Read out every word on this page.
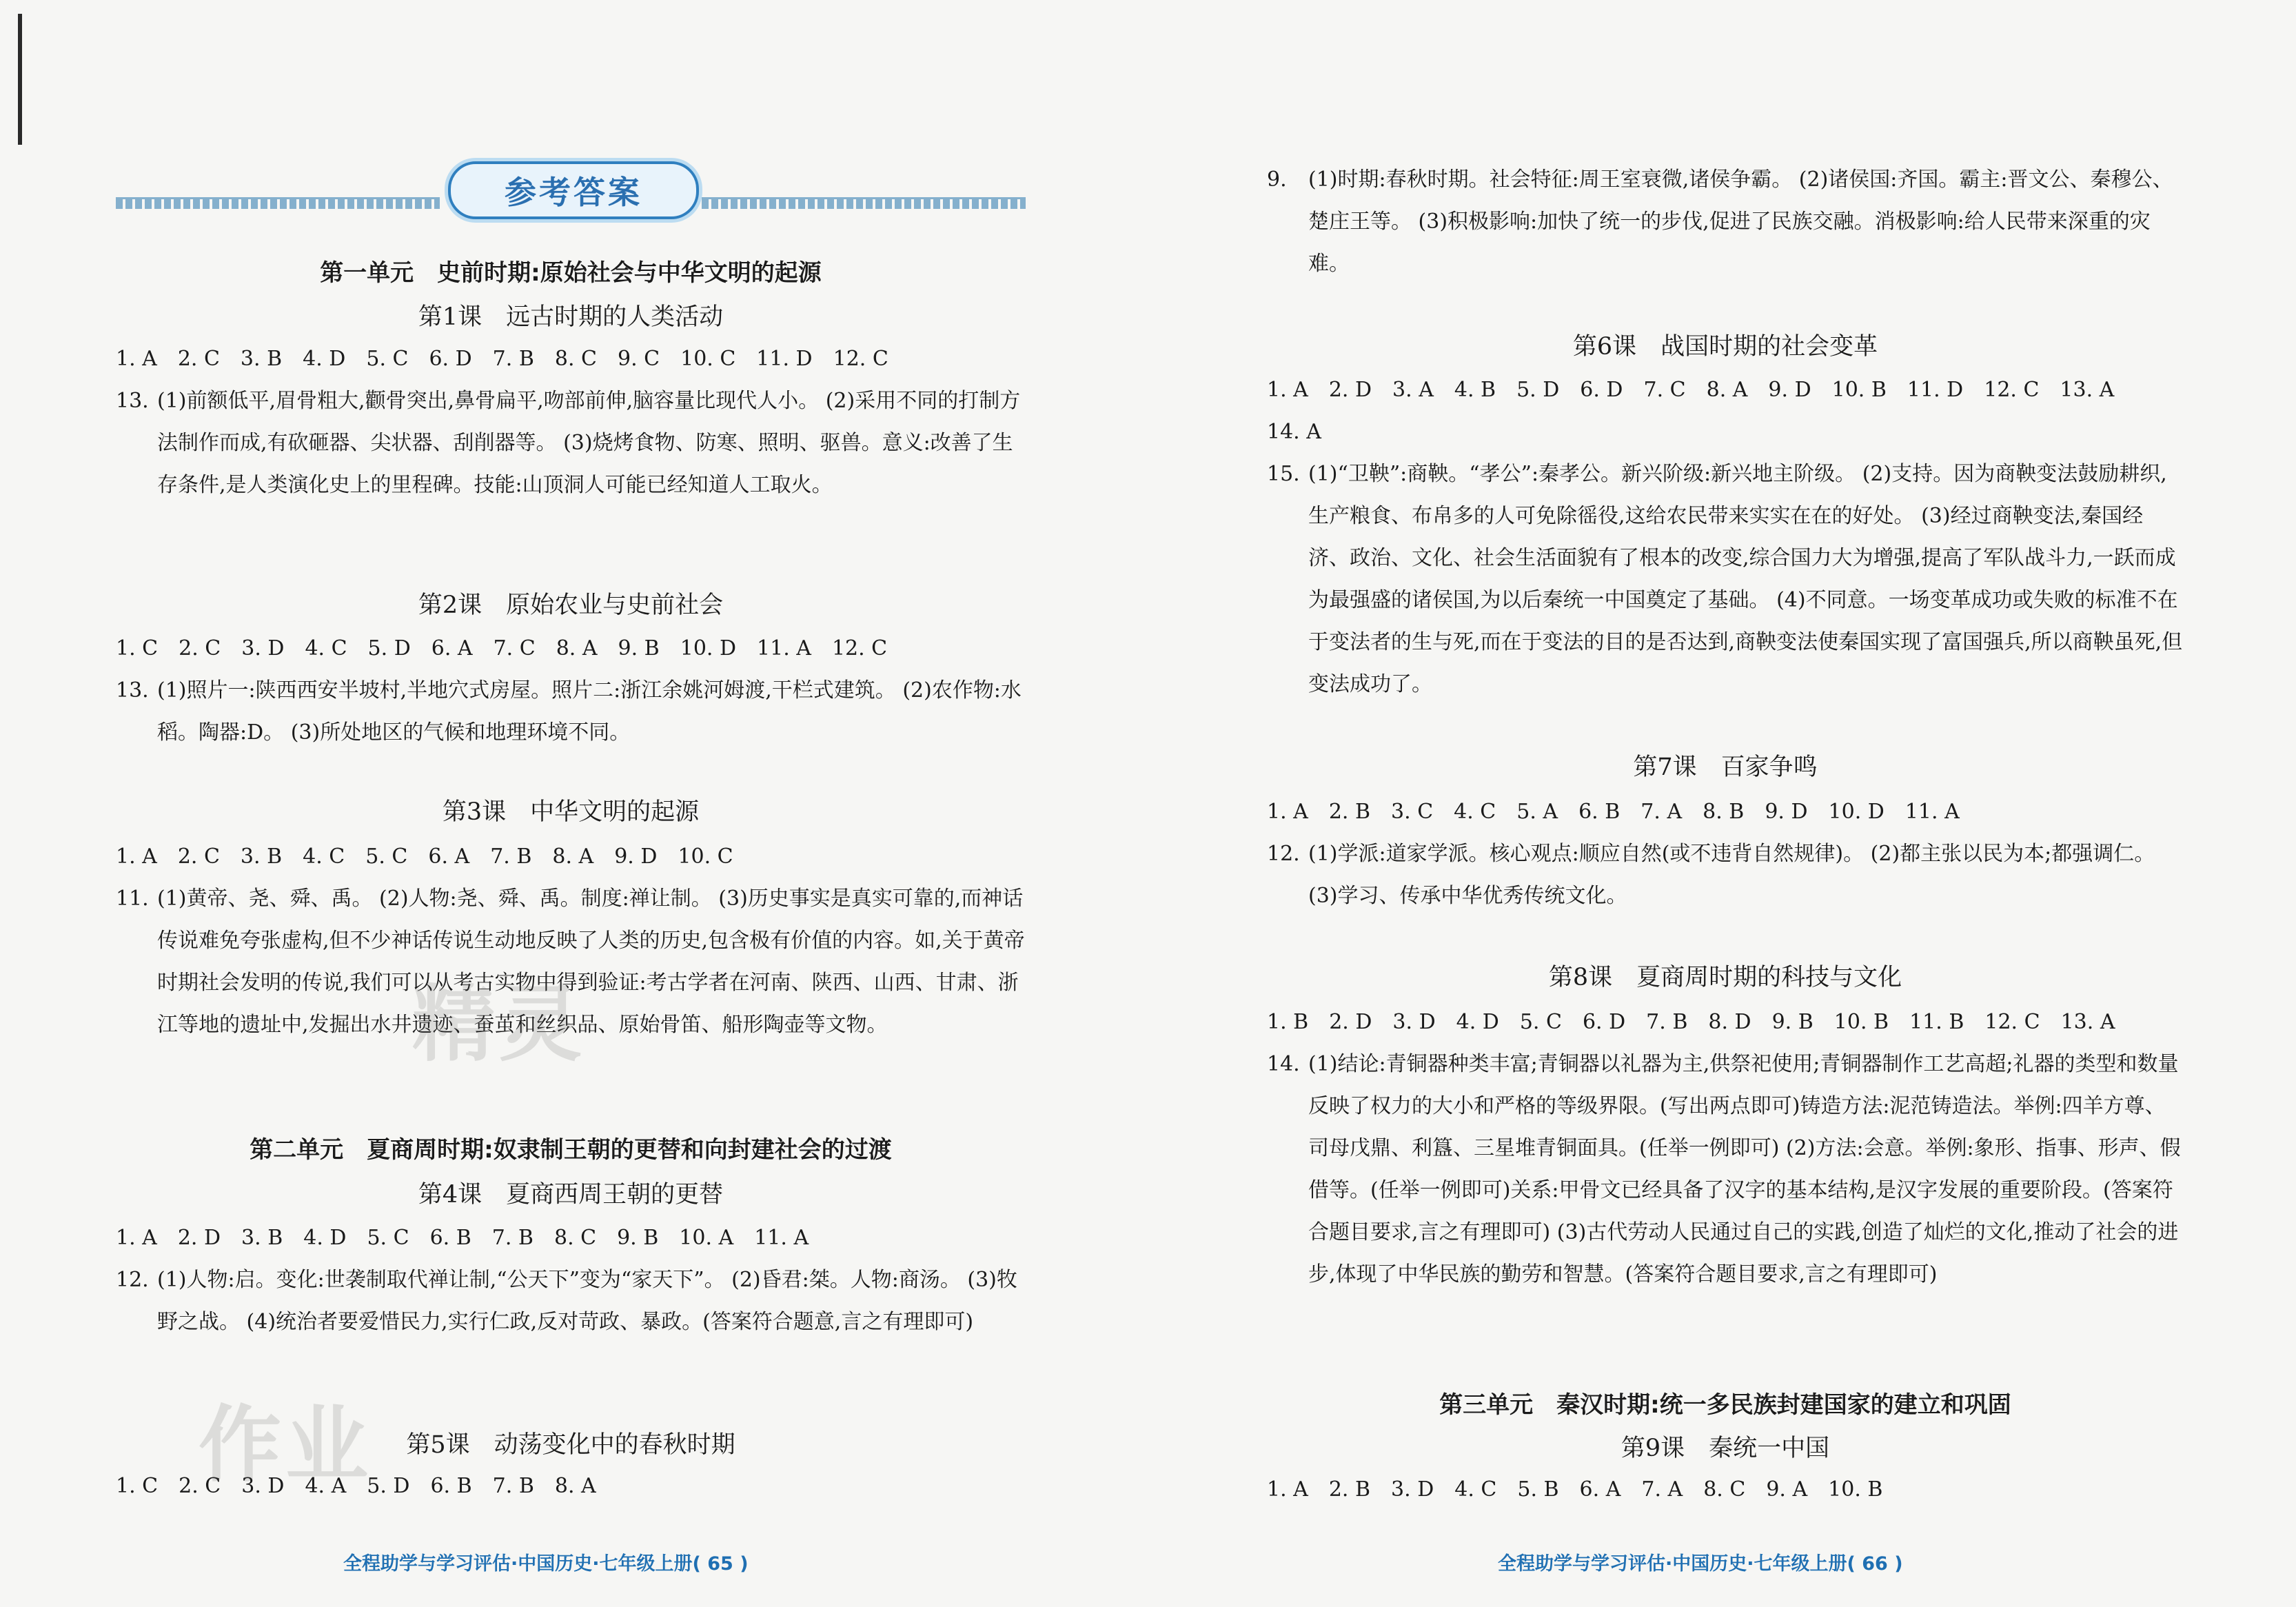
参考答案
第一单元　史前时期:原始社会与中华文明的起源
第1课　远古时期的人类活动
1. A　2. C　3. B　4. D　5. C　6. D　7. B　8. C　9. C　10. C　11. D　12. C
13. (1)前额低平,眉骨粗大,颧骨突出,鼻骨扁平,吻部前伸,脑容量比现代人小。 (2)采用不同的打制方法制作而成,有砍砸器、尖状器、刮削器等。 (3)烧烤食物、防寒、照明、驱兽。意义:改善了生存条件,是人类演化史上的里程碑。技能:山顶洞人可能已经知道人工取火。
第2课　原始农业与史前社会
1. C　2. C　3. D　4. C　5. D　6. A　7. C　8. A　9. B　10. D　11. A　12. C
13. (1)照片一:陕西西安半坡村,半地穴式房屋。照片二:浙江余姚河姆渡,干栏式建筑。 (2)农作物:水稻。陶器:D。 (3)所处地区的气候和地理环境不同。
第3课　中华文明的起源
1. A　2. C　3. B　4. C　5. C　6. A　7. B　8. A　9. D　10. C
11. (1)黄帝、尧、舜、禹。 (2)人物:尧、舜、禹。制度:禅让制。 (3)历史事实是真实可靠的,而神话传说难免夸张虚构,但不少神话传说生动地反映了人类的历史,包含极有价值的内容。如,关于黄帝时期社会发明的传说,我们可以从考古实物中得到验证:考古学者在河南、陕西、山西、甘肃、浙江等地的遗址中,发掘出水井遗迹、蚕茧和丝织品、原始骨笛、船形陶壶等文物。
第二单元　夏商周时期:奴隶制王朝的更替和向封建社会的过渡
第4课　夏商西周王朝的更替
1. A　2. D　3. B　4. D　5. C　6. B　7. B　8. C　9. B　10. A　11. A
12. (1)人物:启。变化:世袭制取代禅让制,“公天下”变为“家天下”。 (2)昏君:桀。人物:商汤。 (3)牧野之战。 (4)统治者要爱惜民力,实行仁政,反对苛政、暴政。(答案符合题意,言之有理即可)
第5课　动荡变化中的春秋时期
1. C　2. C　3. D　4. A　5. D　6. B　7. B　8. A
全程助学与学习评估·中国历史·七年级上册( 65 )
精灵
作业
9. (1)时期:春秋时期。社会特征:周王室衰微,诸侯争霸。 (2)诸侯国:齐国。霸主:晋文公、秦穆公、楚庄王等。 (3)积极影响:加快了统一的步伐,促进了民族交融。消极影响:给人民带来深重的灾难。
第6课　战国时期的社会变革
1. A　2. D　3. A　4. B　5. D　6. D　7. C　8. A　9. D　10. B　11. D　12. C　13. A
14. A
15. (1)“卫鞅”:商鞅。“孝公”:秦孝公。新兴阶级:新兴地主阶级。 (2)支持。因为商鞅变法鼓励耕织,生产粮食、布帛多的人可免除徭役,这给农民带来实实在在的好处。 (3)经过商鞅变法,秦国经济、政治、文化、社会生活面貌有了根本的改变,综合国力大为增强,提高了军队战斗力,一跃而成为最强盛的诸侯国,为以后秦统一中国奠定了基础。 (4)不同意。一场变革成功或失败的标准不在于变法者的生与死,而在于变法的目的是否达到,商鞅变法使秦国实现了富国强兵,所以商鞅虽死,但变法成功了。
第7课　百家争鸣
1. A　2. B　3. C　4. C　5. A　6. B　7. A　8. B　9. D　10. D　11. A
12. (1)学派:道家学派。核心观点:顺应自然(或不违背自然规律)。 (2)都主张以民为本;都强调仁。 (3)学习、传承中华优秀传统文化。
第8课　夏商周时期的科技与文化
1. B　2. D　3. D　4. D　5. C　6. D　7. B　8. D　9. B　10. B　11. B　12. C　13. A
14. (1)结论:青铜器种类丰富;青铜器以礼器为主,供祭祀使用;青铜器制作工艺高超;礼器的类型和数量反映了权力的大小和严格的等级界限。(写出两点即可)铸造方法:泥范铸造法。举例:四羊方尊、司母戊鼎、利簋、三星堆青铜面具。(任举一例即可) (2)方法:会意。举例:象形、指事、形声、假借等。(任举一例即可)关系:甲骨文已经具备了汉字的基本结构,是汉字发展的重要阶段。(答案符合题目要求,言之有理即可) (3)古代劳动人民通过自己的实践,创造了灿烂的文化,推动了社会的进步,体现了中华民族的勤劳和智慧。(答案符合题目要求,言之有理即可)
第三单元　秦汉时期:统一多民族封建国家的建立和巩固
第9课　秦统一中国
1. A　2. B　3. D　4. C　5. B　6. A　7. A　8. C　9. A　10. B
全程助学与学习评估·中国历史·七年级上册( 66 )
